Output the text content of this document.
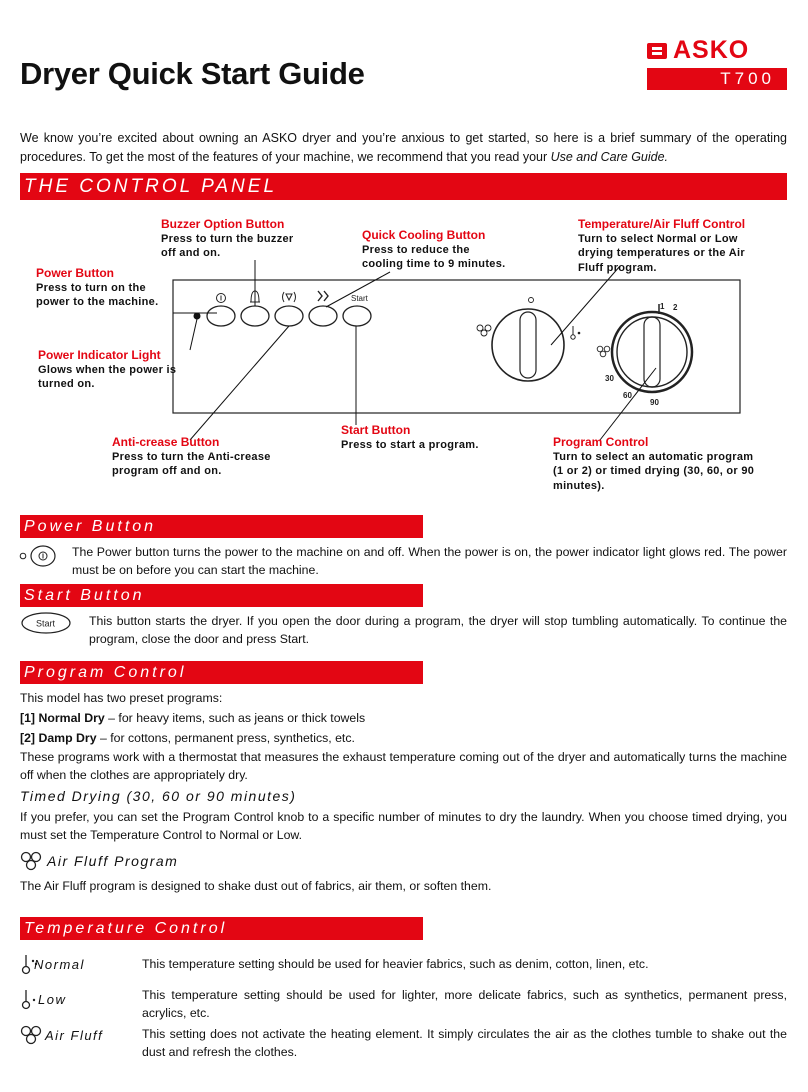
Dryer Quick Start Guide
ASKO
T700
We know you’re excited about owning an ASKO dryer and you’re anxious to get started, so here is a brief summary of the operating procedures. To get the most of the features of your machine, we recommend that you read your Use and Care Guide.
THE CONTROL PANEL
Start
1 2
30
60
90
Buzzer Option Button
Press to turn the buzzer off and on.
Quick Cooling Button
Press to reduce the cooling time to 9 minutes.
Temperature/Air Fluff Control
Turn to select Normal or Low drying temperatures or the Air Fluff program.
Power Button
Press to turn on the power to the machine.
Power Indicator Light
Glows when the power is turned on.
Start Button
Press to start a program.
Anti-crease Button
Press to turn the Anti-crease program off and on.
Program Control
Turn to select an automatic program (1 or 2) or timed drying (30, 60, or 90 minutes).
Power Button
The Power button turns the power to the machine on and off. When the power is on, the power indicator light glows red. The power must be on before you can start the machine.
Start Button
Start	This button starts the dryer. If you open the door during a program, the dryer will stop tumbling automatically. To continue the program, close the door and press Start.
Program Control
This model has two preset programs:
[1] Normal Dry – for heavy items, such as jeans or thick towels
[2] Damp Dry – for cottons, permanent press, synthetics, etc.
These programs work with a thermostat that measures the exhaust temperature coming out of the dryer and automatically turns the machine off when the clothes are appropriately dry.
Timed Drying (30, 60 or 90 minutes)
If you prefer, you can set the Program Control knob to a specific number of minutes to dry the laundry. When you choose timed drying, you must set the Temperature Control to Normal or Low.
Air Fluff Program
The Air Fluff program is designed to shake dust out of fabrics, air them, or soften them.
Temperature Control
Normal	This temperature setting should be used for heavier fabrics, such as denim, cotton, linen, etc.
Low	This temperature setting should be used for lighter, more delicate fabrics, such as synthetics, permanent press, acrylics, etc.
Air Fluff	This setting does not activate the heating element. It simply circulates the air as the clothes tumble to shake out the dust and refresh the clothes.
